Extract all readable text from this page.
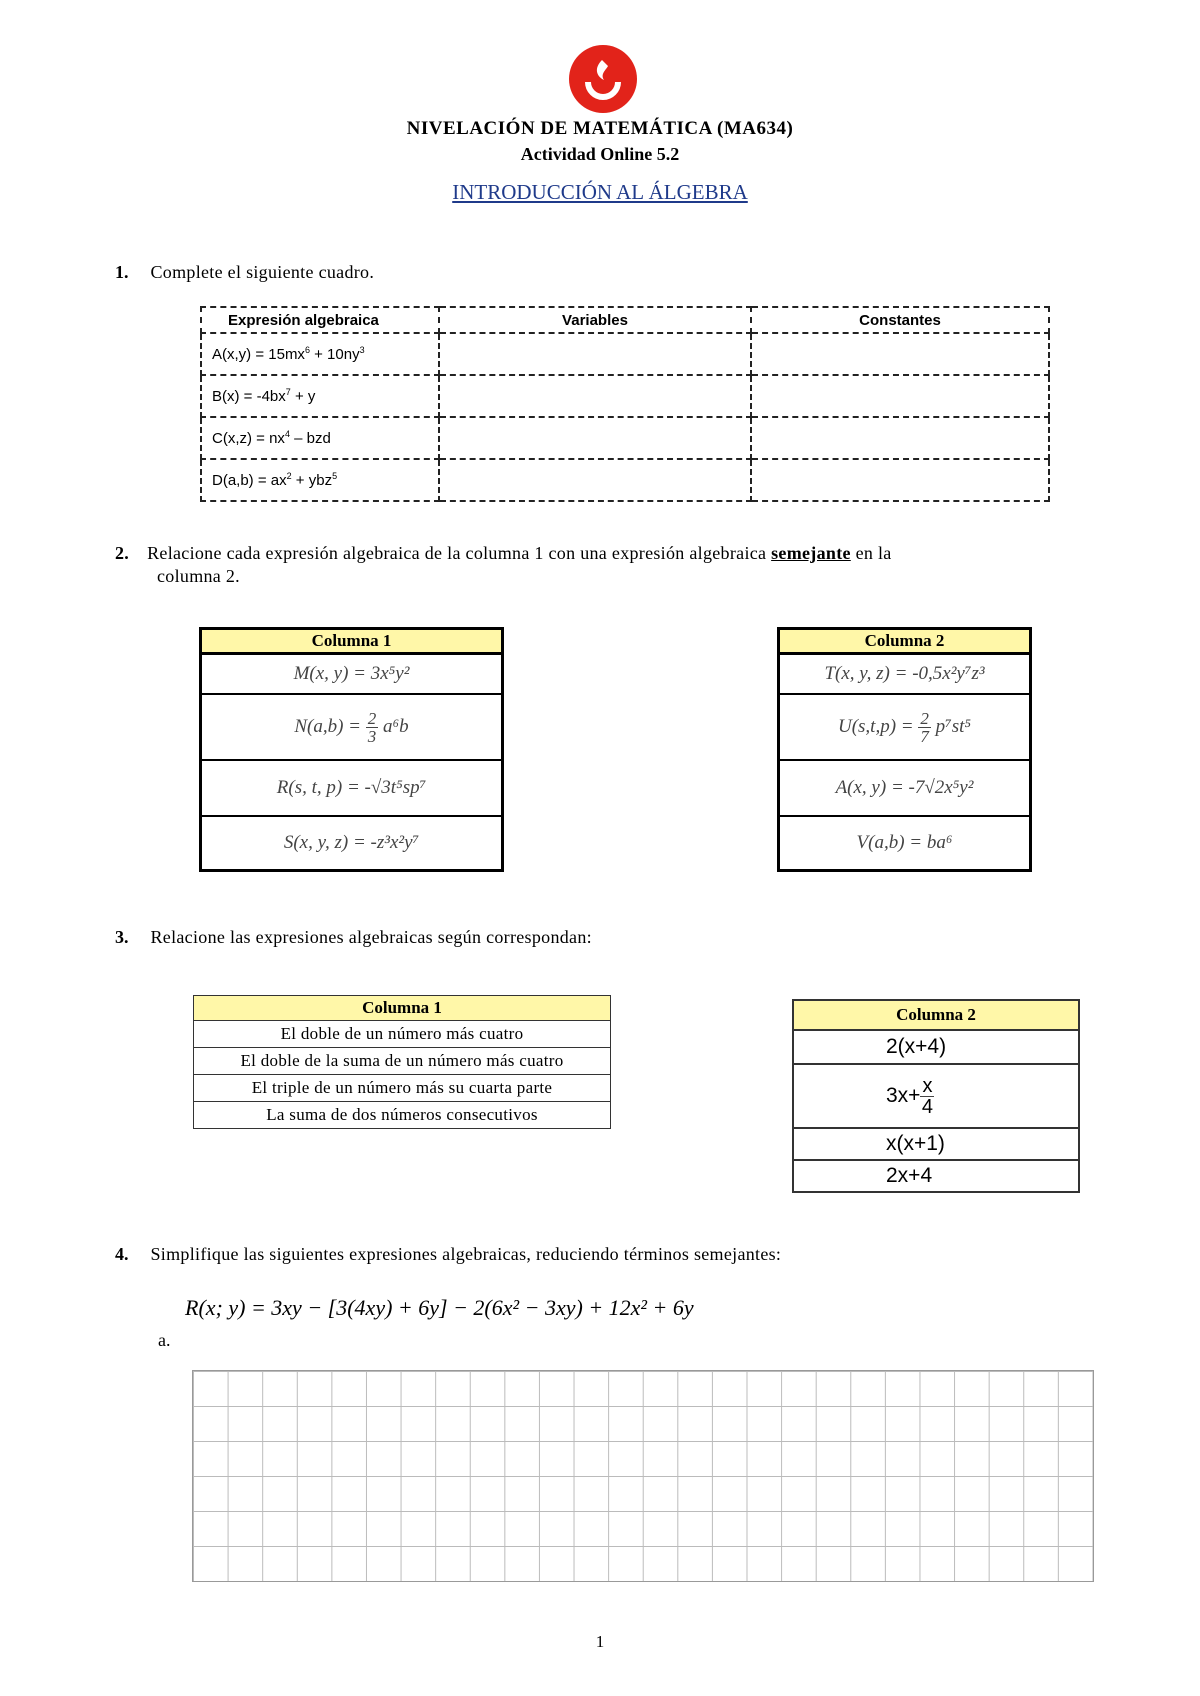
NIVELACIÓN DE MATEMÁTICA (MA634)
Actividad Online 5.2
INTRODUCCIÓN AL ÁLGEBRA
1. Complete el siguiente cuadro.
Expresión algebraica	Variables	Constantes
$A(x,y) = 15mx^6 + 10ny^3$		
$B(x) = -4bx^7 + y$		
$C(x,z) = nx^4$ – bzd		
$D(a,b) = ax^2 + ybz^5$		
2. Relacione cada expresión algebraica de la columna 1 con una expresión algebraica semejante en la
columna 2.
Columna 1
M(x, y) = 3x⁵y²
$N(a,b) = \frac{2}{3} a^6b$
R(s, t, p) = -√3t⁵sp⁷
S(x, y, z) = -z³x²y⁷
Columna 2
T(x, y, z) = -0,5x²y⁷z³
$U(s,t,p) = \frac{2}{7} p^7st^5$
A(x, y) = -7√2x⁵y²
V(a,b) = ba⁶
3. Relacione las expresiones algebraicas según correspondan:
Columna 1
El doble de un número más cuatro
El doble de la suma de un número más cuatro
El triple de un número más su cuarta parte
La suma de dos números consecutivos
Columna 2
2(x+4)
$3x+ \frac{x}{4}$

x(x+1)
2x+4
4. Simplifique las siguientes expresiones algebraicas, reduciendo términos semejantes:
R(x; y) = 3xy − [3(4xy) + 6y] − 2(6x² − 3xy) + 12x² + 6y
a.
1
